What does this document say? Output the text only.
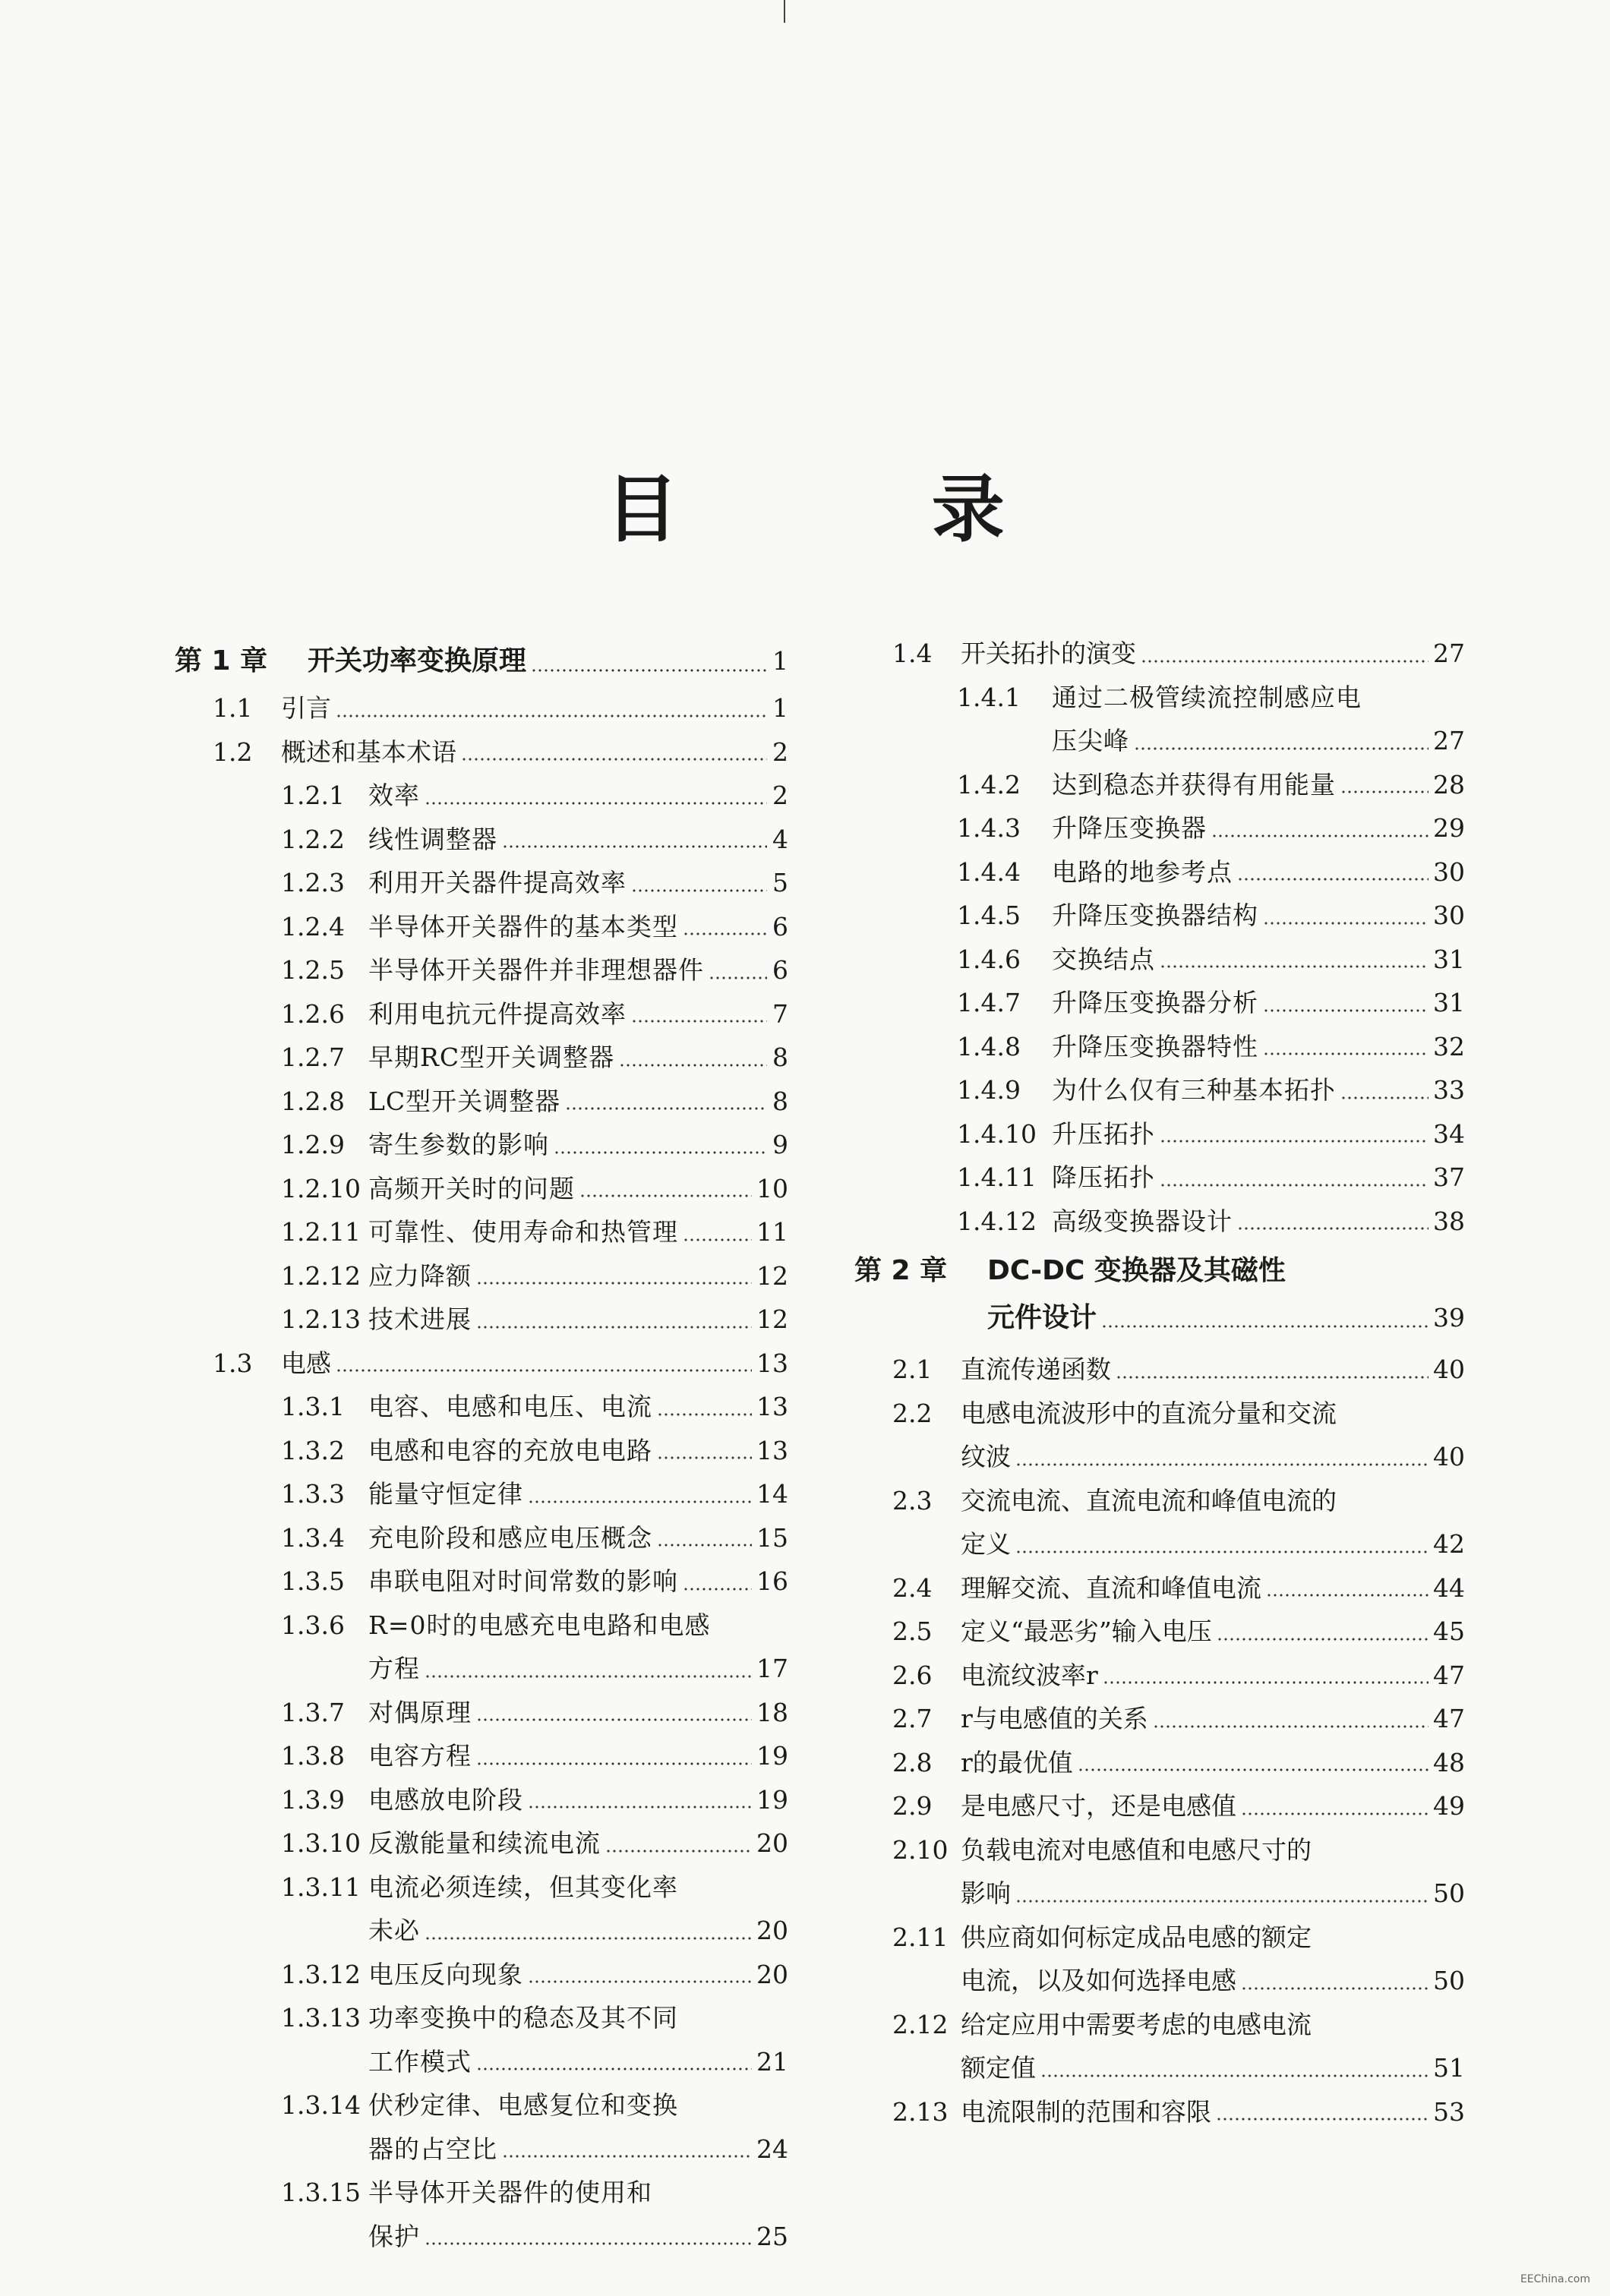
目 录
第 1 章	开关功率变换原理	1
1.1	引言	1
1.2	概述和基本术语	2
1.2.1 效率	2
1.2.2 线性调整器	4
1.2.3 利用开关器件提高效率	5
1.2.4 半导体开关器件的基本类型	6
1.2.5 半导体开关器件并非理想器件	6
1.2.6 利用电抗元件提高效率	7
1.2.7 早期RC型开关调整器	8
1.2.8 LC型开关调整器	8
1.2.9 寄生参数的影响	9
1.2.10 高频开关时的问题	10
1.2.11 可靠性、使用寿命和热管理	11
1.2.12 应力降额	12
1.2.13 技术进展	12
1.3	电感	13
1.3.1 电容、电感和电压、电流	13
1.3.2 电感和电容的充放电电路	13
1.3.3 能量守恒定律	14
1.3.4 充电阶段和感应电压概念	15
1.3.5 串联电阻对时间常数的影响	16
1.3.6 R=0时的电感充电电路和电感
方程	17
1.3.7 对偶原理	18
1.3.8 电容方程	19
1.3.9 电感放电阶段	19
1.3.10 反激能量和续流电流	20
1.3.11 电流必须连续，但其变化率
未必	20
1.3.12 电压反向现象	20
1.3.13 功率变换中的稳态及其不同
工作模式	21
1.3.14 伏秒定律、电感复位和变换
器的占空比	24
1.3.15 半导体开关器件的使用和
保护	25
1.4	开关拓扑的演变	27
1.4.1	通过二极管续流控制感应电
压尖峰	27
1.4.2	达到稳态并获得有用能量	28
1.4.3	升降压变换器	29
1.4.4	电路的地参考点	30
1.4.5	升降压变换器结构	30
1.4.6	交换结点	31
1.4.7	升降压变换器分析	31
1.4.8	升降压变换器特性	32
1.4.9	为什么仅有三种基本拓扑	33
1.4.10 升压拓扑	34
1.4.11 降压拓扑	37
1.4.12 高级变换器设计	38
第 2 章	DC-DC 变换器及其磁性
元件设计	39
2.1	直流传递函数	40
2.2	电感电流波形中的直流分量和交流
纹波	40
2.3	交流电流、直流电流和峰值电流的
定义	42
2.4	理解交流、直流和峰值电流	44
2.5	定义“最恶劣”输入电压	45
2.6	电流纹波率r	47
2.7	r与电感值的关系	47
2.8	r的最优值	48
2.9	是电感尺寸，还是电感值	49
2.10 负载电流对电感值和电感尺寸的
影响	50
2.11 供应商如何标定成品电感的额定
电流，以及如何选择电感	50
2.12 给定应用中需要考虑的电感电流
额定值	51
2.13 电流限制的范围和容限	53
EEChina.com
